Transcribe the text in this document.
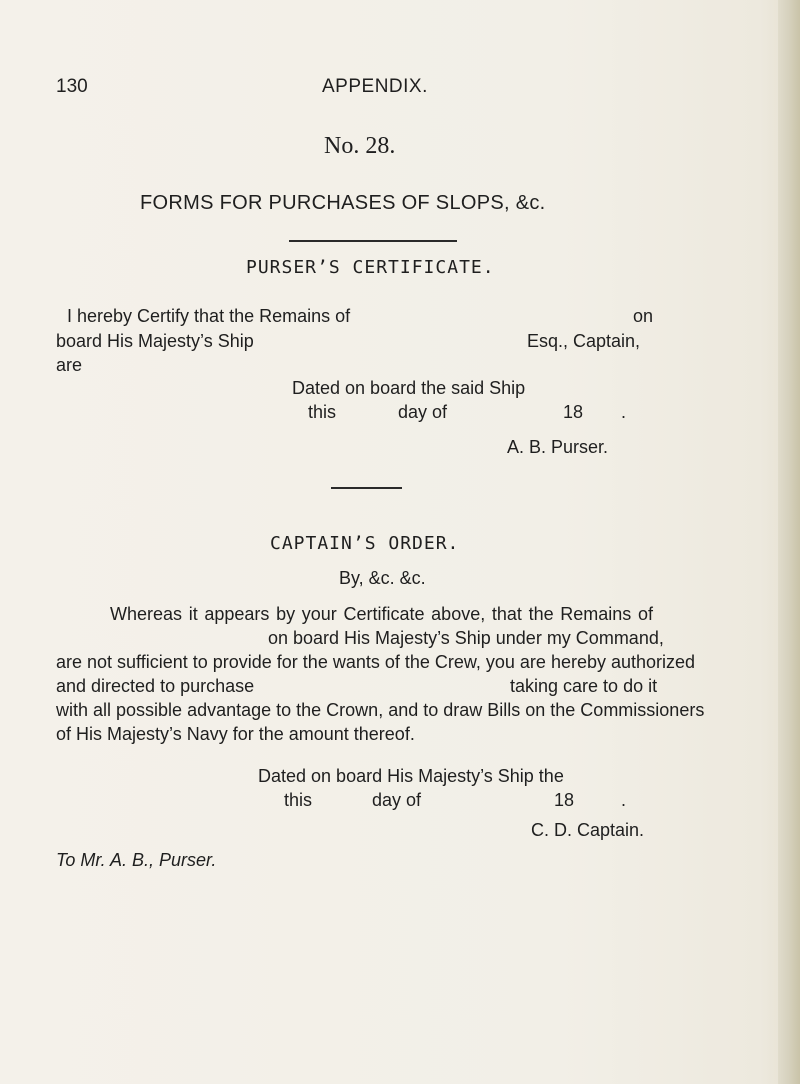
130	APPENDIX.
No. 28.
FORMS FOR PURCHASES OF SLOPS, &c.
PURSER’S CERTIFICATE.
I hereby Certify that the Remains of	on
board His Majesty’s Ship	Esq., Captain,
are
Dated on board the said Ship
this	day of	18 .
A. B. Purser.
CAPTAIN’S ORDER.
By, &c. &c.
Whereas it appears by your Certificate above, that the Remains of
on board His Majesty’s Ship under my Command,
are not sufficient to provide for the wants of the Crew, you are hereby authorized
and directed to purchase	taking care to do it
with all possible advantage to the Crown, and to draw Bills on the Commissioners
of His Majesty’s Navy for the amount thereof.
Dated on board His Majesty’s Ship the
this	day of	18	.
C. D. Captain.
To Mr. A. B., Purser.
